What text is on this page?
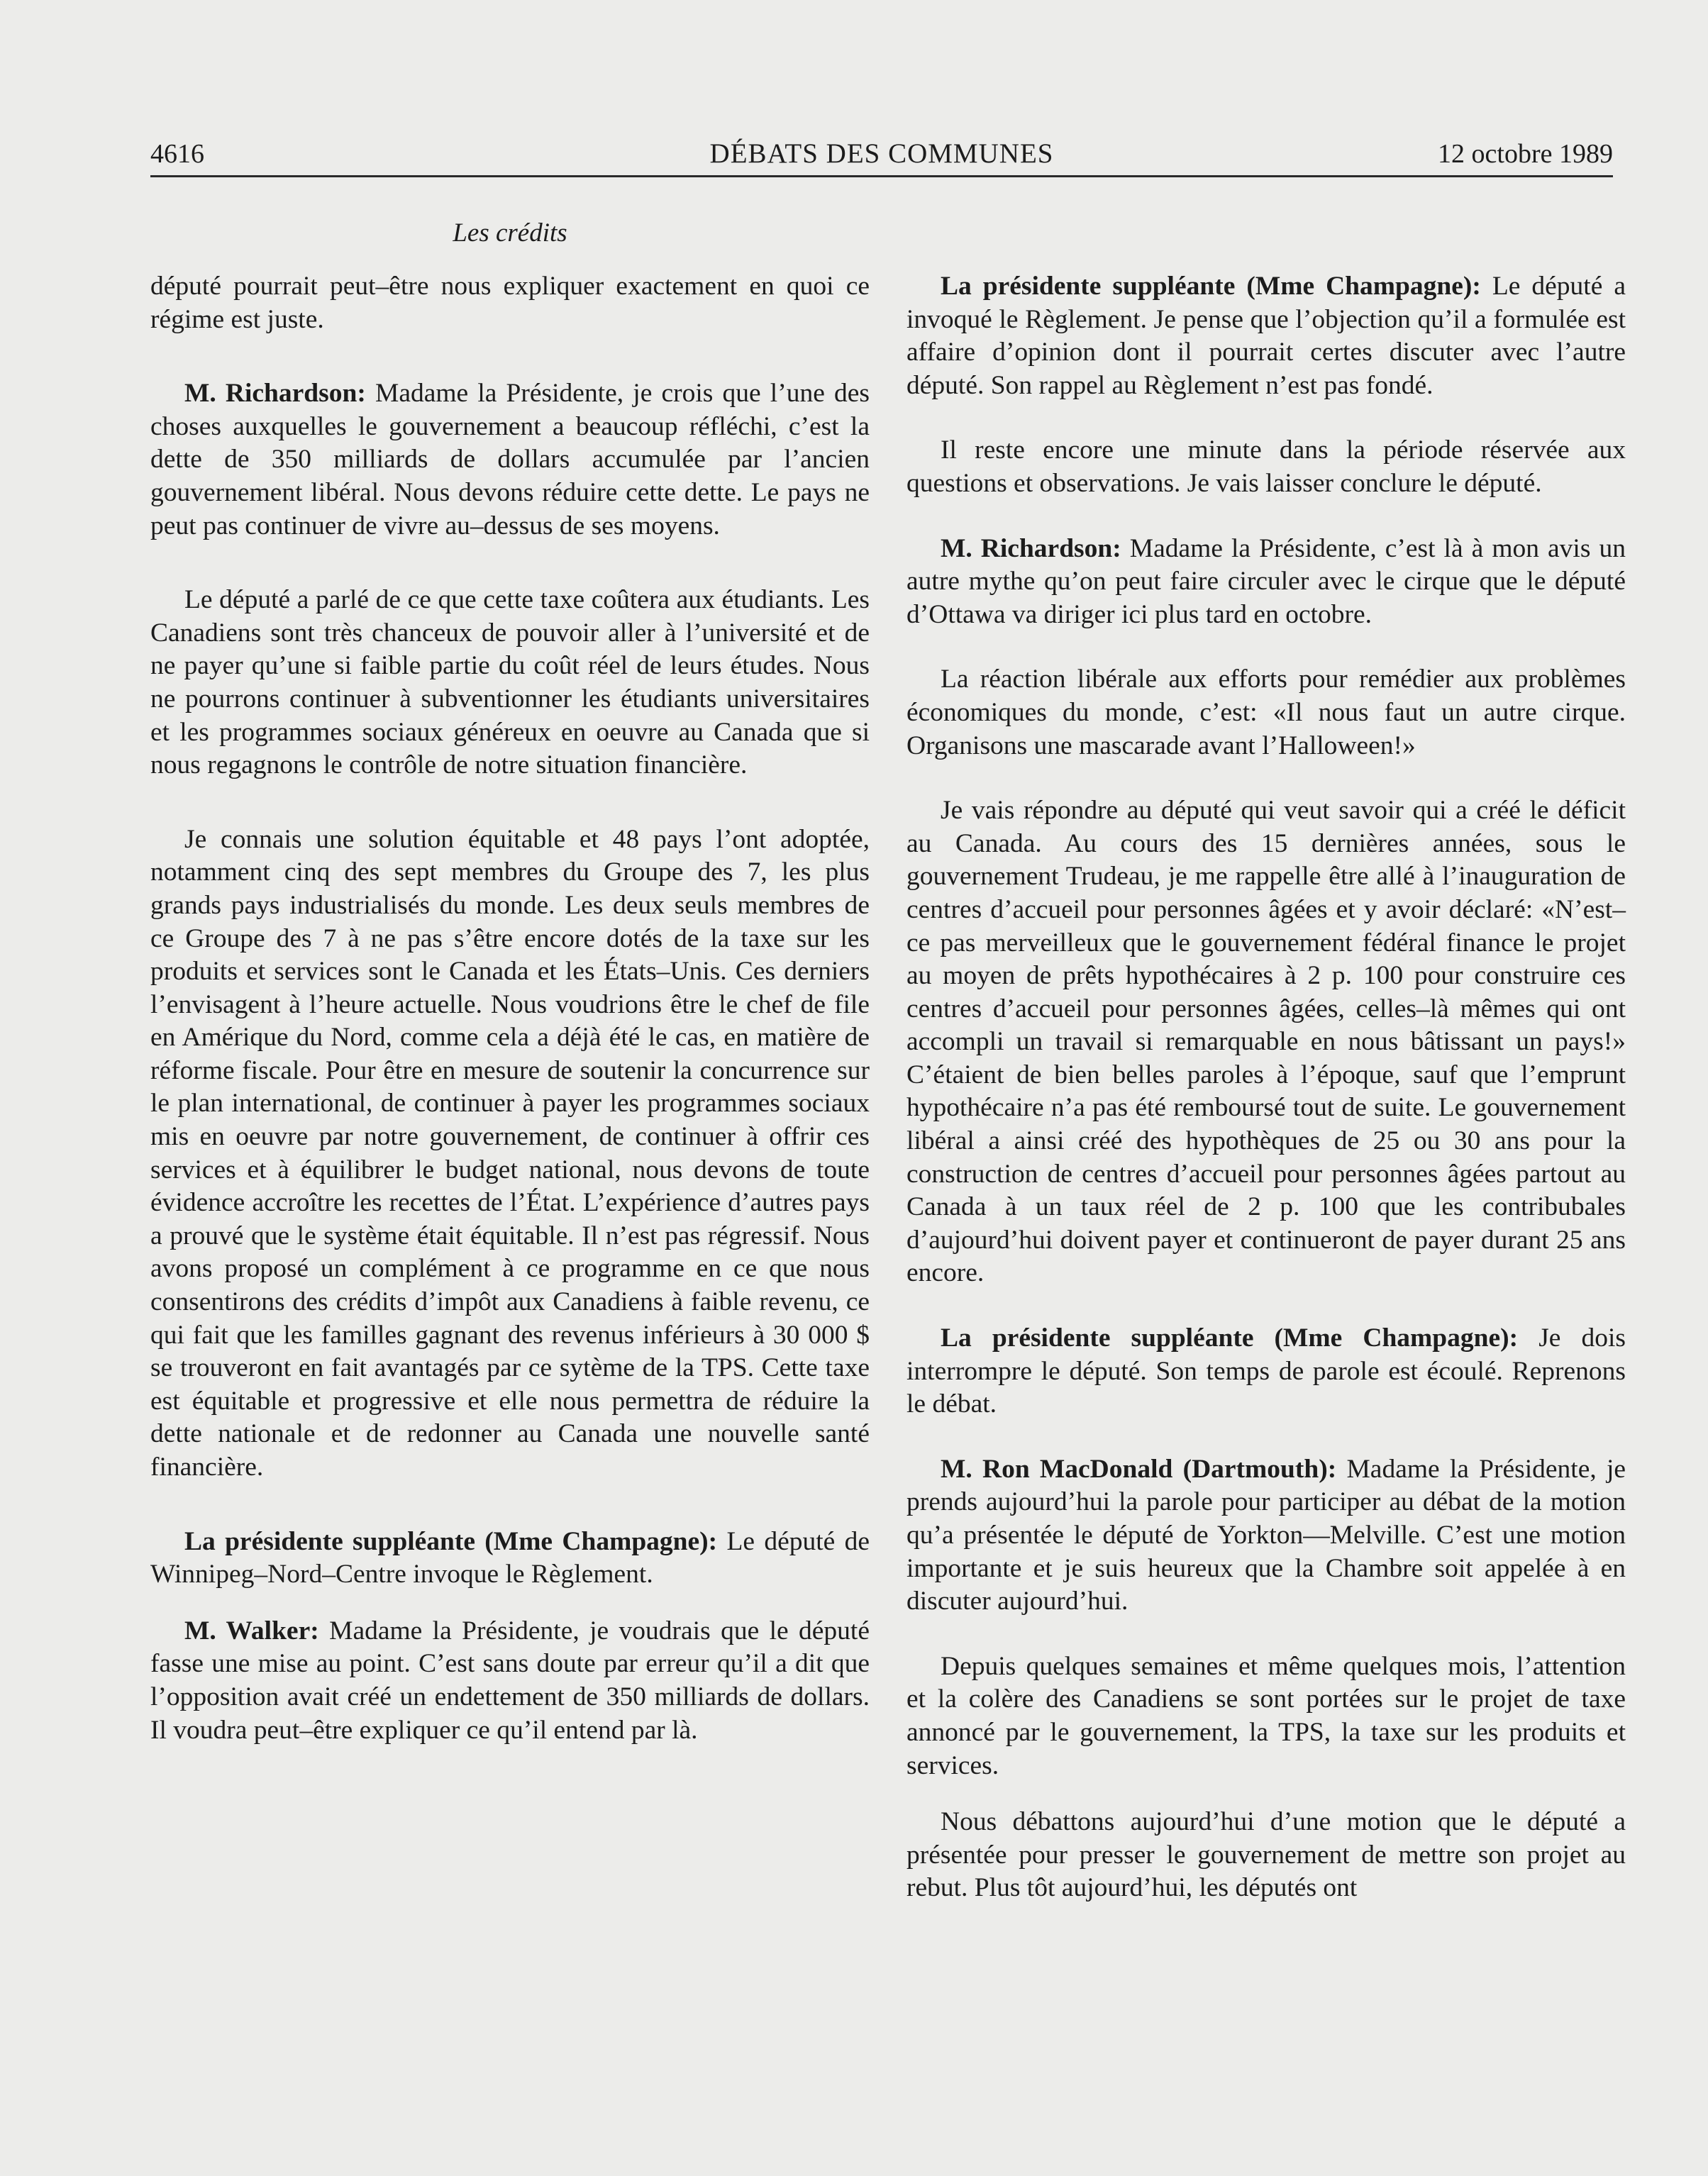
4616	DÉBATS DES COMMUNES	12 octobre 1989
Les crédits

député pourrait peut–être nous expliquer exactement en quoi ce régime est juste.

M. Richardson: Madame la Présidente, je crois que l’une des choses auxquelles le gouvernement a beaucoup réfléchi, c’est la dette de 350 milliards de dollars accumulée par l’ancien gouvernement libéral. Nous devons réduire cette dette. Le pays ne peut pas continuer de vivre au–dessus de ses moyens.

Le député a parlé de ce que cette taxe coûtera aux étudiants. Les Canadiens sont très chanceux de pouvoir aller à l’université et de ne payer qu’une si faible partie du coût réel de leurs études. Nous ne pourrons continuer à subventionner les étudiants universitaires et les programmes sociaux généreux en oeuvre au Canada que si nous regagnons le contrôle de notre situation financière.

Je connais une solution équitable et 48 pays l’ont adoptée, notamment cinq des sept membres du Groupe des 7, les plus grands pays industrialisés du monde. Les deux seuls membres de ce Groupe des 7 à ne pas s’être encore dotés de la taxe sur les produits et services sont le Canada et les États–Unis. Ces derniers l’envisagent à l’heure actuelle. Nous voudrions être le chef de file en Amérique du Nord, comme cela a déjà été le cas, en matière de réforme fiscale. Pour être en mesure de soutenir la concurrence sur le plan international, de continuer à payer les programmes sociaux mis en oeuvre par notre gouvernement, de continuer à offrir ces services et à équilibrer le budget national, nous devons de toute évidence accroître les recettes de l’État. L’expérience d’autres pays a prouvé que le système était équitable. Il n’est pas régressif. Nous avons proposé un complément à ce programme en ce que nous consentirons des crédits d’impôt aux Canadiens à faible revenu, ce qui fait que les familles gagnant des revenus inférieurs à 30 000 $ se trouveront en fait avantagés par ce sytème de la TPS. Cette taxe est équitable et progressive et elle nous permettra de réduire la dette nationale et de redonner au Canada une nouvelle santé financière.

La présidente suppléante (Mme Champagne): Le député de Winnipeg–Nord–Centre invoque le Règlement.

M. Walker: Madame la Présidente, je voudrais que le député fasse une mise au point. C’est sans doute par erreur qu’il a dit que l’opposition avait créé un endettement de 350 milliards de dollars. Il voudra peut–être expliquer ce qu’il entend par là.

La présidente suppléante (Mme Champagne): Le député a invoqué le Règlement. Je pense que l’objection qu’il a formulée est affaire d’opinion dont il pourrait certes discuter avec l’autre député. Son rappel au Règlement n’est pas fondé.

Il reste encore une minute dans la période réservée aux questions et observations. Je vais laisser conclure le député.

M. Richardson: Madame la Présidente, c’est là à mon avis un autre mythe qu’on peut faire circuler avec le cirque que le député d’Ottawa va diriger ici plus tard en octobre.

La réaction libérale aux efforts pour remédier aux problèmes économiques du monde, c’est: «Il nous faut un autre cirque. Organisons une mascarade avant l’Halloween!»

Je vais répondre au député qui veut savoir qui a créé le déficit au Canada. Au cours des 15 dernières années, sous le gouvernement Trudeau, je me rappelle être allé à l’inauguration de centres d’accueil pour personnes âgées et y avoir déclaré: «N’est–ce pas merveilleux que le gouvernement fédéral finance le projet au moyen de prêts hypothécaires à 2 p. 100 pour construire ces centres d’accueil pour personnes âgées, celles–là mêmes qui ont accompli un travail si remarquable en nous bâtissant un pays!» C’étaient de bien belles paroles à l’époque, sauf que l’emprunt hypothécaire n’a pas été remboursé tout de suite. Le gouvernement libéral a ainsi créé des hypothèques de 25 ou 30 ans pour la construction de centres d’accueil pour personnes âgées partout au Canada à un taux réel de 2 p. 100 que les contribubales d’aujourd’hui doivent payer et continueront de payer durant 25 ans encore.

La présidente suppléante (Mme Champagne): Je dois interrompre le député. Son temps de parole est écoulé. Reprenons le débat.

M. Ron MacDonald (Dartmouth): Madame la Présidente, je prends aujourd’hui la parole pour participer au débat de la motion qu’a présentée le député de Yorkton—Melville. C’est une motion importante et je suis heureux que la Chambre soit appelée à en discuter aujourd’hui.

Depuis quelques semaines et même quelques mois, l’attention et la colère des Canadiens se sont portées sur le projet de taxe annoncé par le gouvernement, la TPS, la taxe sur les produits et services.

Nous débattons aujourd’hui d’une motion que le député a présentée pour presser le gouvernement de mettre son projet au rebut. Plus tôt aujourd’hui, les députés ont
